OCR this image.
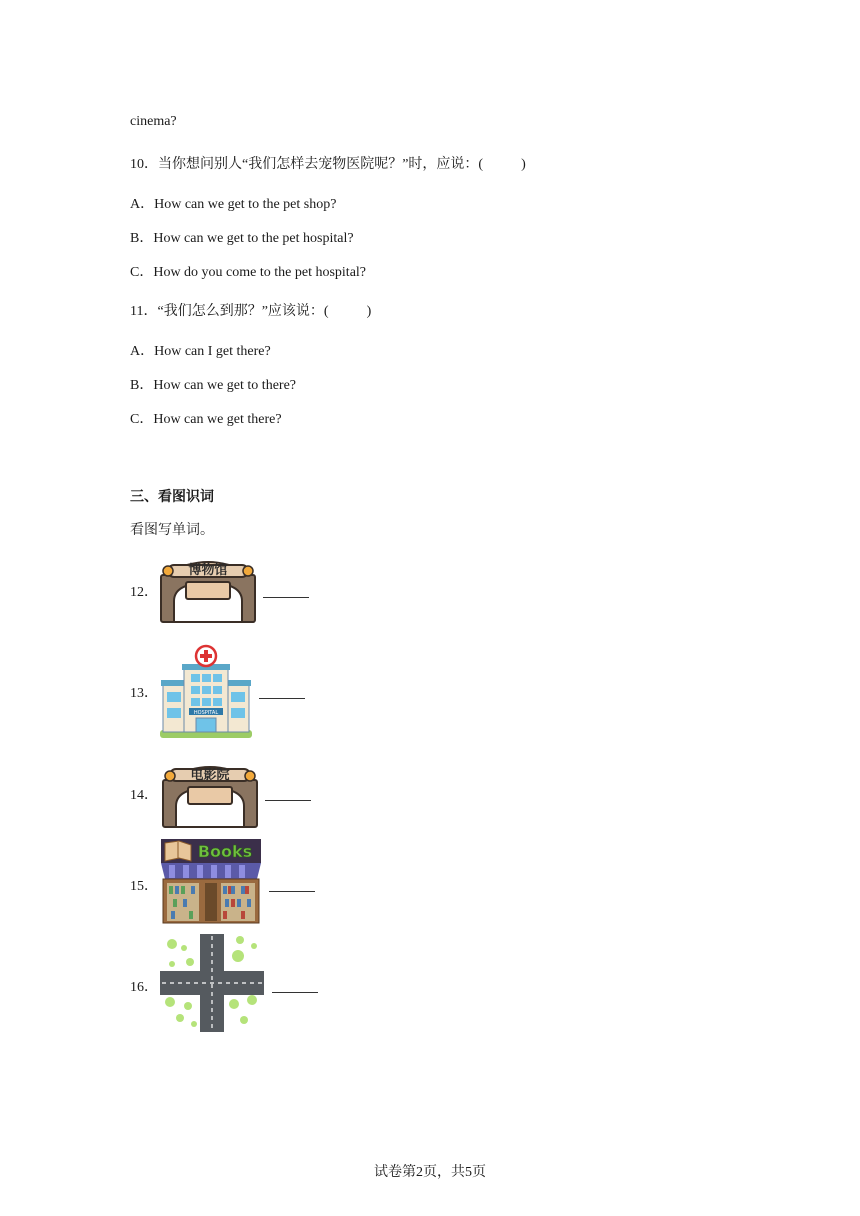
cinema?
10．当你想问别人“我们怎样去宠物医院呢？”时，应说：(	)
A．How can we get to the pet shop?
B．How can we get to the pet hospital?
C．How do you come to the pet hospital?
11．“我们怎么到那？”应该说：(	)
A．How can I get there?
B．How can we get to there?
C．How can we get there?
三、看图识词
看图写单词。
12．
博物馆
13．
HOSPITAL
14．
电影院
15．
Books
16．
试卷第2页，共5页
